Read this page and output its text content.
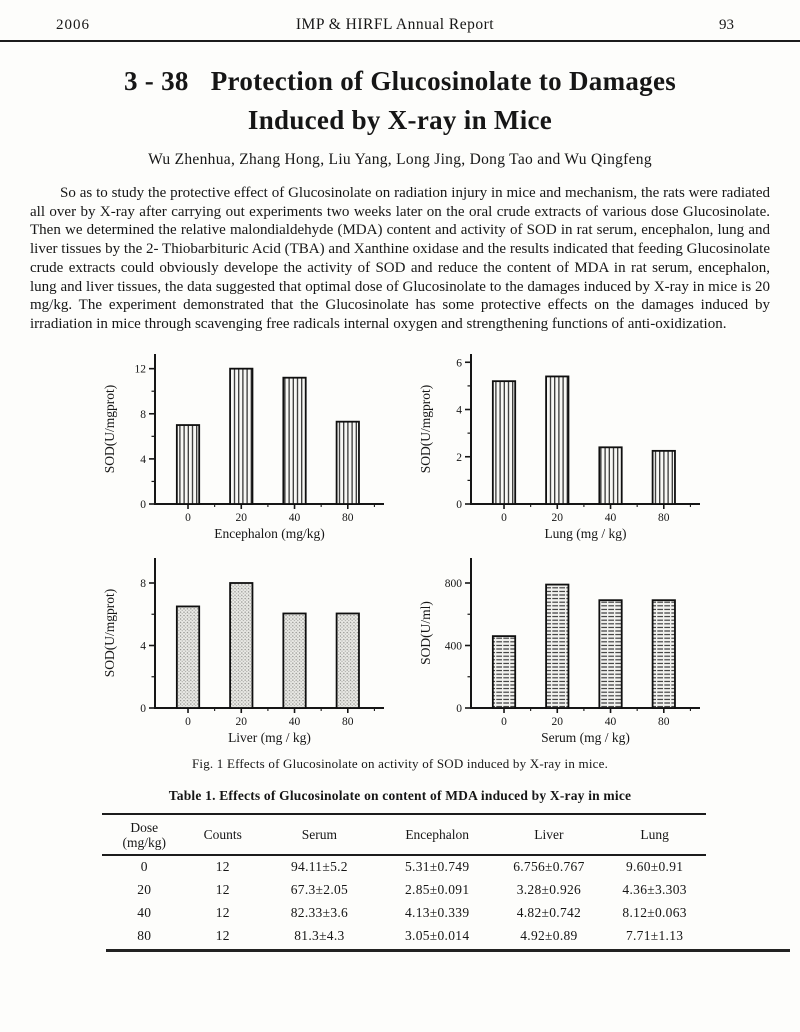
2006	IMP & HIRFL Annual Report	93
3 - 38 Protection of Glucosinolate to Damages
Induced by X-ray in Mice
Wu Zhenhua, Zhang Hong, Liu Yang, Long Jing, Dong Tao and Wu Qingfeng

So as to study the protective effect of Glucosinolate on radiation injury in mice and mechanism, the rats were radiated all over by X-ray after carrying out experiments two weeks later on the oral crude extracts of various dose Glucosinolate. Then we determined the relative malondialdehyde (MDA) content and activity of SOD in rat serum, encephalon, lung and liver tissues by the 2- Thiobarbituric Acid (TBA) and Xanthine oxidase and the results indicated that feeding Glucosinolate crude extracts could obviously develope the activity of SOD and reduce the content of MDA in rat serum, encephalon, lung and liver tissues, the data suggested that optimal dose of Glucosinolate to the damages induced by X-ray in mice is 20 mg/kg. The experiment demonstrated that the Glucosinolate has some protective effects on the damages induced by irradiation in mice through scavenging free radicals internal oxygen and strengthening functions of anti-oxidization.

0
4
8
12
0	20	40	80
Encephalon (mg/kg)
SOD(U/mgprot)
0
2
4
6
0	20	40	80
Lung (mg / kg)
SOD(U/mgprot)
0
4
8
0	20	40	80
Liver (mg / kg)
SOD(U/mgprot)
0
400
800
0	20	40	80
Serum (mg / kg)
SOD(U/ml)
Fig. 1 Effects of Glucosinolate on activity of SOD induced by X-ray in mice.
Table 1. Effects of Glucosinolate on content of MDA induced by X-ray in mice
Dose
(mg/kg)	Counts	Serum	Encephalon	Liver	Lung
0	12	94.11±5.2	5.31±0.749	6.756±0.767	9.60±0.91
20	12	67.3±2.05	2.85±0.091	3.28±0.926	4.36±3.303
40	12	82.33±3.6	4.13±0.339	4.82±0.742	8.12±0.063
80	12	81.3±4.3	3.05±0.014	4.92±0.89	7.71±1.13
